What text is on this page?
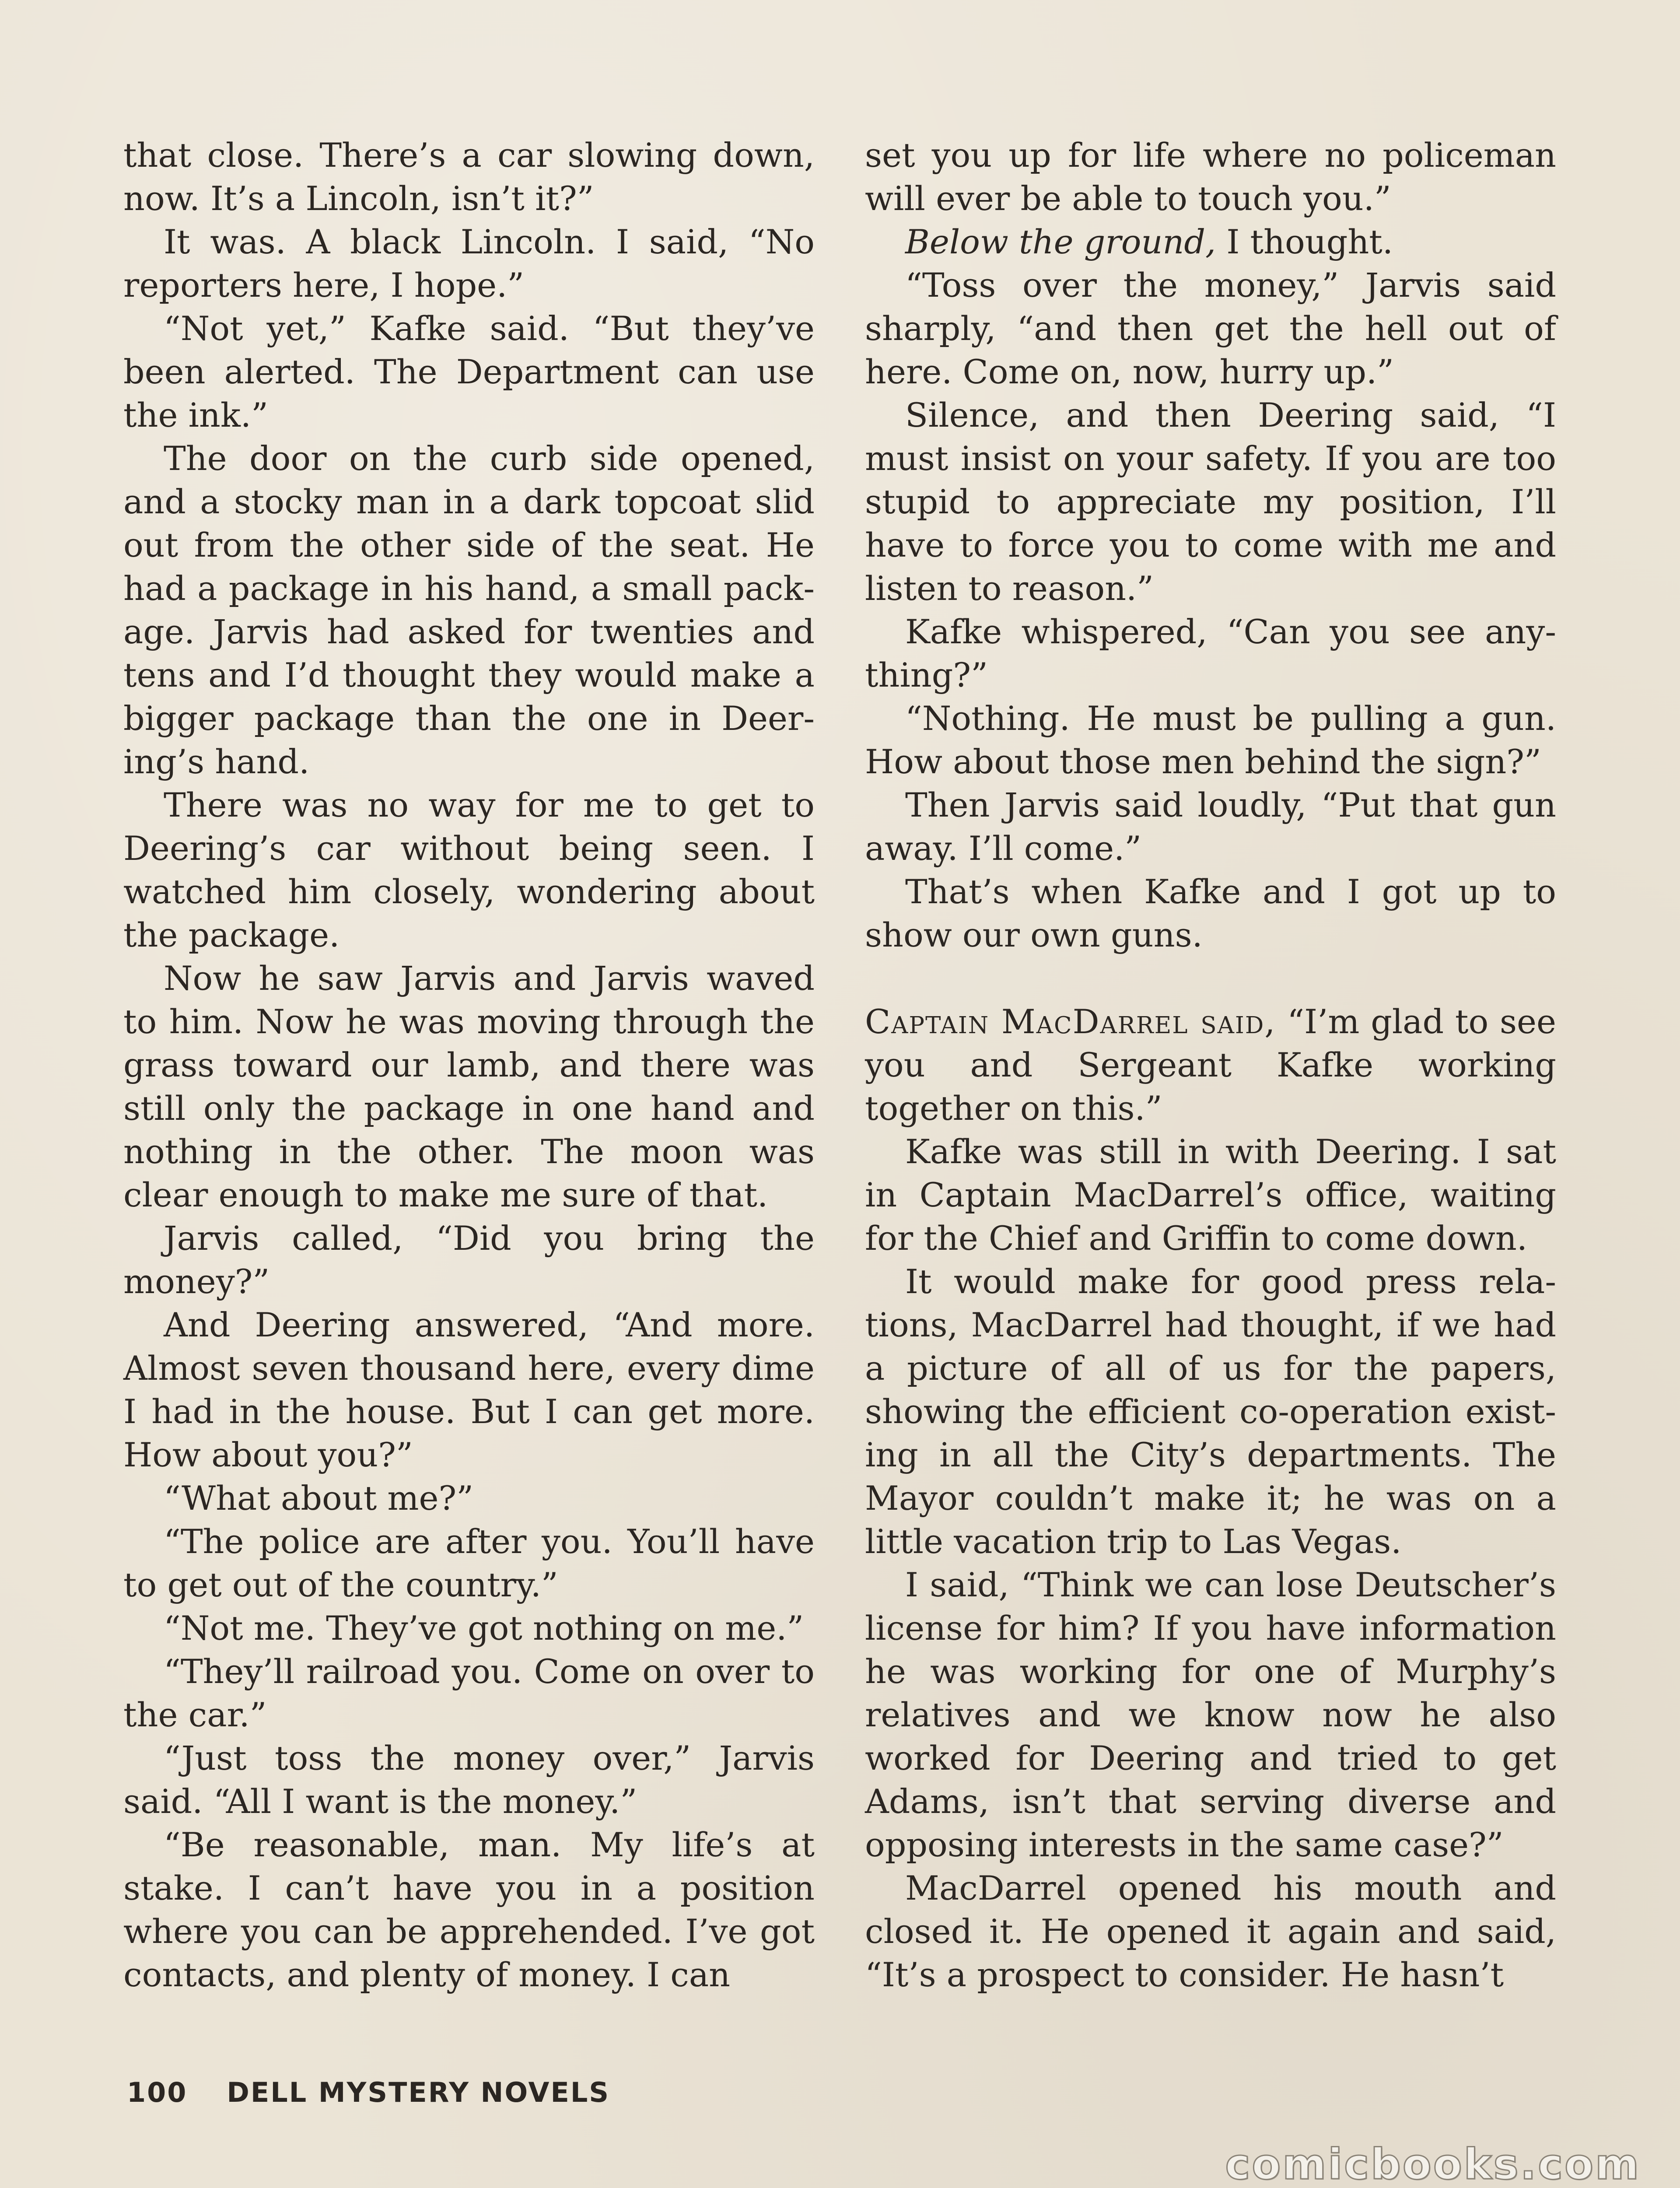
that close. There’s a car slowing down, now. It’s a Lincoln, isn’t it?”

It was. A black Lincoln. I said, “No reporters here, I hope.”

“Not yet,” Kafke said. “But they’ve been alerted. The Department can use the ink.”

The door on the curb side opened, and a stocky man in a dark topcoat slid out from the other side of the seat. He had a package in his hand, a small package. Jarvis had asked for twenties and tens and I’d thought they would make a bigger package than the one in Deering’s hand.

There was no way for me to get to Deering’s car without being seen. I watched him closely, wondering about the package.

Now he saw Jarvis and Jarvis waved to him. Now he was moving through the grass toward our lamb, and there was still only the package in one hand and nothing in the other. The moon was clear enough to make me sure of that.

Jarvis called, “Did you bring the money?”

And Deering answered, “And more. Almost seven thousand here, every dime I had in the house. But I can get more. How about you?”

“What about me?”

“The police are after you. You’ll have to get out of the country.”

“Not me. They’ve got nothing on me.”

“They’ll railroad you. Come on over to the car.”

“Just toss the money over,” Jarvis said. “All I want is the money.”

“Be reasonable, man. My life’s at stake. I can’t have you in a position where you can be apprehended. I’ve got contacts, and plenty of money. I can

set you up for life where no policeman will ever be able to touch you.”

Below the ground, I thought.

“Toss over the money,” Jarvis said sharply, “and then get the hell out of here. Come on, now, hurry up.”

Silence, and then Deering said, “I must insist on your safety. If you are too stupid to appreciate my position, I’ll have to force you to come with me and listen to reason.”

Kafke whispered, “Can you see anything?”

“Nothing. He must be pulling a gun. How about those men behind the sign?”

Then Jarvis said loudly, “Put that gun away. I’ll come.”

That’s when Kafke and I got up to show our own guns.

Captain MacDarrel said, “I’m glad to see you and Sergeant Kafke working together on this.”

Kafke was still in with Deering. I sat in Captain MacDarrel’s office, waiting for the Chief and Griffin to come down.

It would make for good press relations, MacDarrel had thought, if we had a picture of all of us for the papers, showing the efficient co-operation existing in all the City’s departments. The Mayor couldn’t make it; he was on a little vacation trip to Las Vegas.

I said, “Think we can lose Deutscher’s license for him? If you have information he was working for one of Murphy’s relatives and we know now he also worked for Deering and tried to get Adams, isn’t that serving diverse and opposing interests in the same case?”

MacDarrel opened his mouth and closed it. He opened it again and said, “It’s a prospect to consider. He hasn’t

100 DELL MYSTERY NOVELS
comicbooks.com
